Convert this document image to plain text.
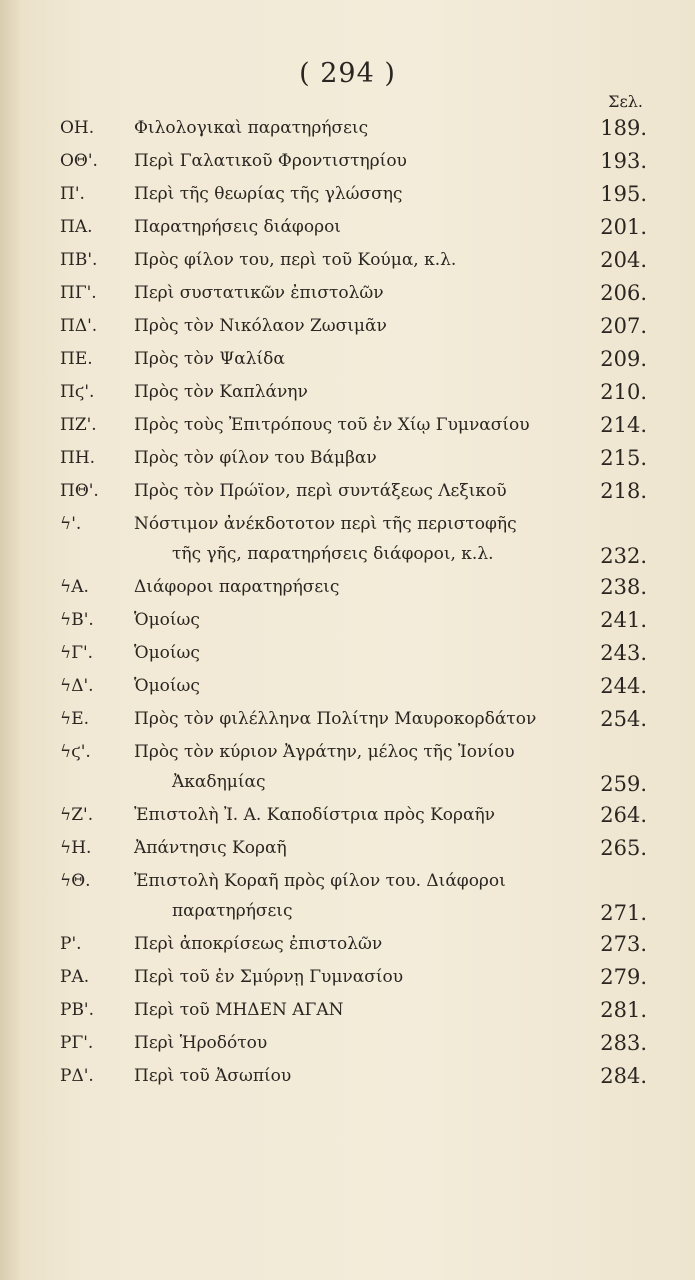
( 294 )
Σελ.
ΟΗ.	Φιλολογικαὶ παρατηρήσεις	189.
ΟΘ'.	Περὶ Γαλατικοῦ Φροντιστηρίου	193.
Π'.	Περὶ τῆς θεωρίας τῆς γλώσσης	195.
ΠΑ.	Παρατηρήσεις διάφοροι	201.
ΠΒ'.	Πρὸς φίλον του, περὶ τοῦ Κούμα, κ.λ.	204.
ΠΓ'.	Περὶ συστατικῶν ἐπιστολῶν	206.
ΠΔ'.	Πρὸς τὸν Νικόλαον Ζωσιμᾶν	207.
ΠΕ.	Πρὸς τὸν Ψαλίδα	209.
Πϛ'.	Πρὸς τὸν Καπλάνην	210.
ΠΖ'.	Πρὸς τοὺς Ἐπιτρόπους τοῦ ἐν Χίῳ Γυμνασίου	214.
ΠΗ.	Πρὸς τὸν φίλον του Βάμβαν	215.
ΠΘ'.	Πρὸς τὸν Πρώϊον, περὶ συντάξεως Λεξικοῦ	218.
ϟ'.	Νόστιμον ἀνέκδοτοτον περὶ τῆς περιστοφῆς
τῆς γῆς, παρατηρήσεις διάφοροι, κ.λ.	232.
ϟΑ.	Διάφοροι παρατηρήσεις	238.
ϟΒ'.	Ὁμοίως	241.
ϟΓ'.	Ὁμοίως	243.
ϟΔ'.	Ὁμοίως	244.
ϟΕ.	Πρὸς τὸν φιλέλληνα Πολίτην Μαυροκορδάτον	254.
ϟϛ'.	Πρὸς τὸν κύριον Ἀγράτην, μέλος τῆς Ἰονίου
Ἀκαδημίας	259.
ϟΖ'.	Ἐπιστολὴ Ἰ. Α. Καποδίστρια πρὸς Κοραῆν	264.
ϟΗ.	Ἀπάντησις Κοραῆ	265.
ϟΘ.	Ἐπιστολὴ Κοραῆ πρὸς φίλον του. Διάφοροι
παρατηρήσεις	271.
Ρ'.	Περὶ ἀποκρίσεως ἐπιστολῶν	273.
ΡΑ.	Περὶ τοῦ ἐν Σμύρνῃ Γυμνασίου	279.
ΡΒ'.	Περὶ τοῦ ΜΗΔΕΝ ΑΓΑΝ	281.
ΡΓ'.	Περὶ Ἡροδότου	283.
ΡΔ'.	Περὶ τοῦ Ἀσωπίου	284.
